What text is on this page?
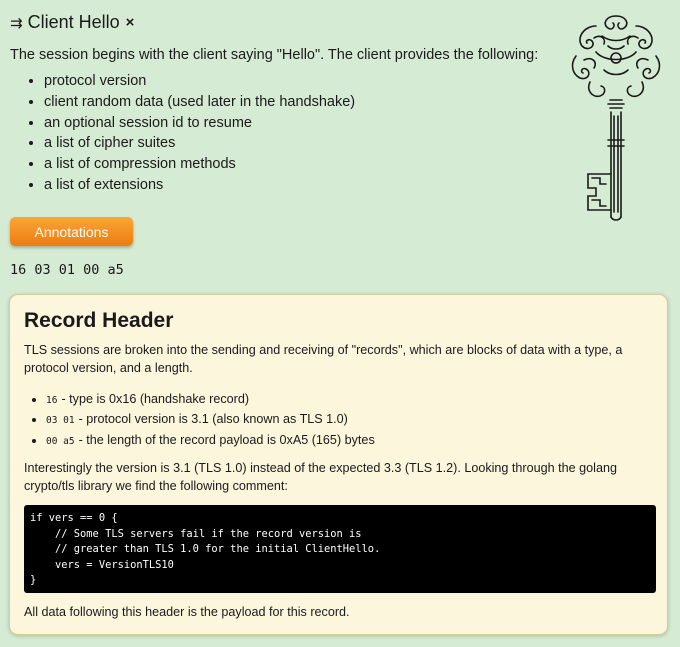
⇉ Client Hello ×
The session begins with the client saying "Hello". The client provides the following:
• protocol version
• client random data (used later in the handshake)
• an optional session id to resume
• a list of cipher suites
• a list of compression methods
• a list of extensions
Annotations
16 03 01 00 a5
Record Header
TLS sessions are broken into the sending and receiving of "records", which are blocks of data with a type, a protocol version, and a length.
• 16 - type is 0x16 (handshake record)
• 03 01 - protocol version is 3.1 (also known as TLS 1.0)
• 00 a5 - the length of the record payload is 0xA5 (165) bytes
Interestingly the version is 3.1 (TLS 1.0) instead of the expected 3.3 (TLS 1.2). Looking through the golang crypto/tls library we find the following comment:
if vers == 0 {
// Some TLS servers fail if the record version is
// greater than TLS 1.0 for the initial ClientHello.
vers = VersionTLS10
}
All data following this header is the payload for this record.
